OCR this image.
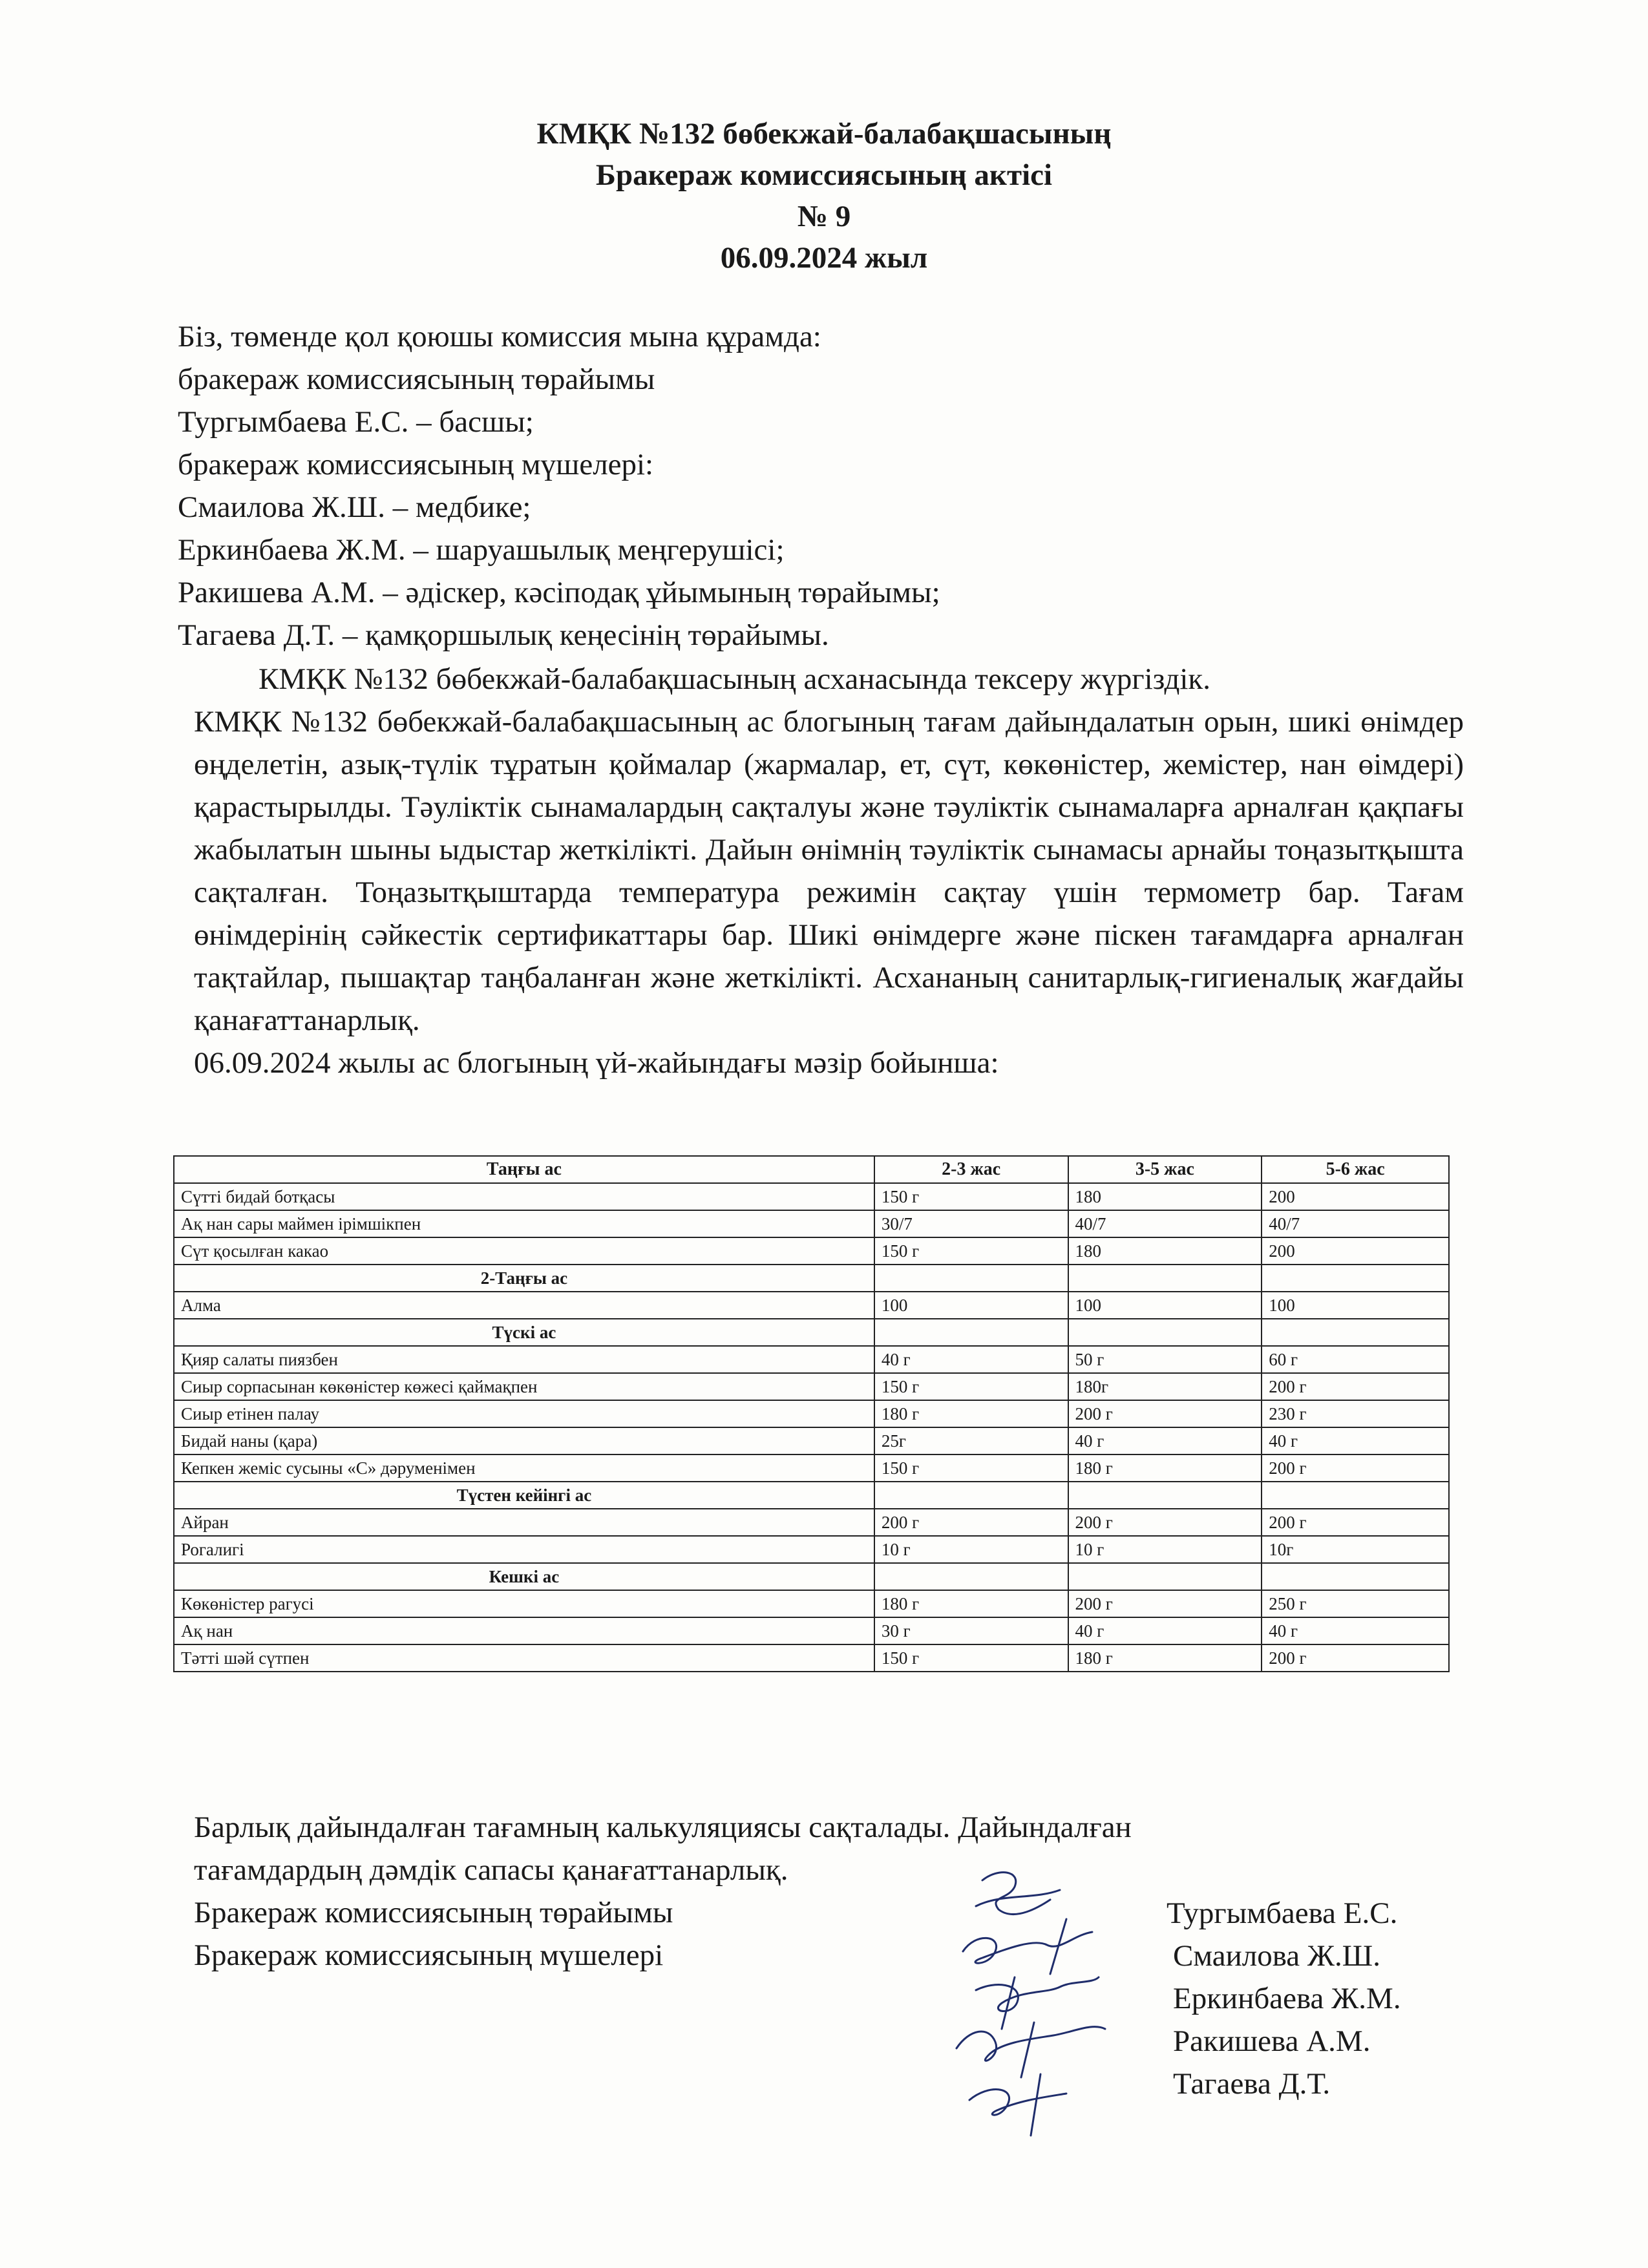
КМҚК №132 бөбекжай-балабақшасының
Бракераж комиссиясының актісі
№ 9
06.09.2024 жыл
Біз, төменде қол қоюшы комиссия мына құрамда:
бракераж комиссиясының төрайымы
Тургымбаева Е.С. – басшы;
бракераж комиссиясының мүшелері:
Смаилова Ж.Ш. – медбике;
Еркинбаева Ж.М. – шаруашылық меңгерушісі;
Ракишева А.М. – әдіскер, кәсіподақ ұйымының төрайымы;
Тагаева Д.Т. – қамқоршылық кеңесінің төрайымы.
КМҚК №132 бөбекжай-балабақшасының асханасында тексеру жүргіздік.
КМҚК №132 бөбекжай-балабақшасының ас блогының тағам дайындалатын орын, шикі өнімдер өңделетін, азық-түлік тұратын қоймалар (жармалар, ет, сүт, көкөністер, жемістер, нан өімдері) қарастырылды. Тәуліктік сынамалардың сақталуы және тәуліктік сынамаларға арналған қақпағы жабылатын шыны ыдыстар жеткілікті. Дайын өнімнің тәуліктік сынамасы арнайы тоңазытқышта сақталған. Тоңазытқыштарда температура режимін сақтау үшін термометр бар. Тағам өнімдерінің сәйкестік сертификаттары бар. Шикі өнімдерге және піскен тағамдарға арналған тақтайлар, пышақтар таңбаланған және жеткілікті. Асхананың санитарлық-гигиеналық жағдайы қанағаттанарлық.
06.09.2024 жылы ас блогының үй-жайындағы мәзір бойынша:
Таңғы ас	2-3 жас	3-5 жас	5-6 жас
Сүтті бидай ботқасы	150 г	180	200
Ақ нан сары маймен ірімшікпен	30/7	40/7	40/7
Сүт қосылған какао	150 г	180	200
2-Таңғы ас			
Алма	100	100	100
Түскі ас			
Қияр салаты пиязбен	40 г	50 г	60 г
Сиыр сорпасынан көкөністер көжесі қаймақпен	150 г	180г	200 г
Сиыр етінен палау	180 г	200 г	230 г
Бидай наны (қара)	25г	40 г	40 г
Кепкен жеміс сусыны «С» дәруменімен	150 г	180 г	200 г
Түстен кейінгі ас			
Айран	200 г	200 г	200 г
Рогалигі	10 г	10 г	10г
Кешкі ас			
Көкөністер рагусі	180 г	200 г	250 г
Ақ нан	30 г	40 г	40 г
Тәтті шәй сүтпен	150 г	180 г	200 г
Барлық дайындалған тағамның калькуляциясы сақталады. Дайындалған
тағамдардың дәмдік сапасы қанағаттанарлық.
Бракераж комиссиясының төрайымы
Бракераж комиссиясының мүшелері
Тургымбаева Е.С.
Смаилова Ж.Ш.
Еркинбаева Ж.М.
Ракишева А.М.
Тагаева Д.Т.
